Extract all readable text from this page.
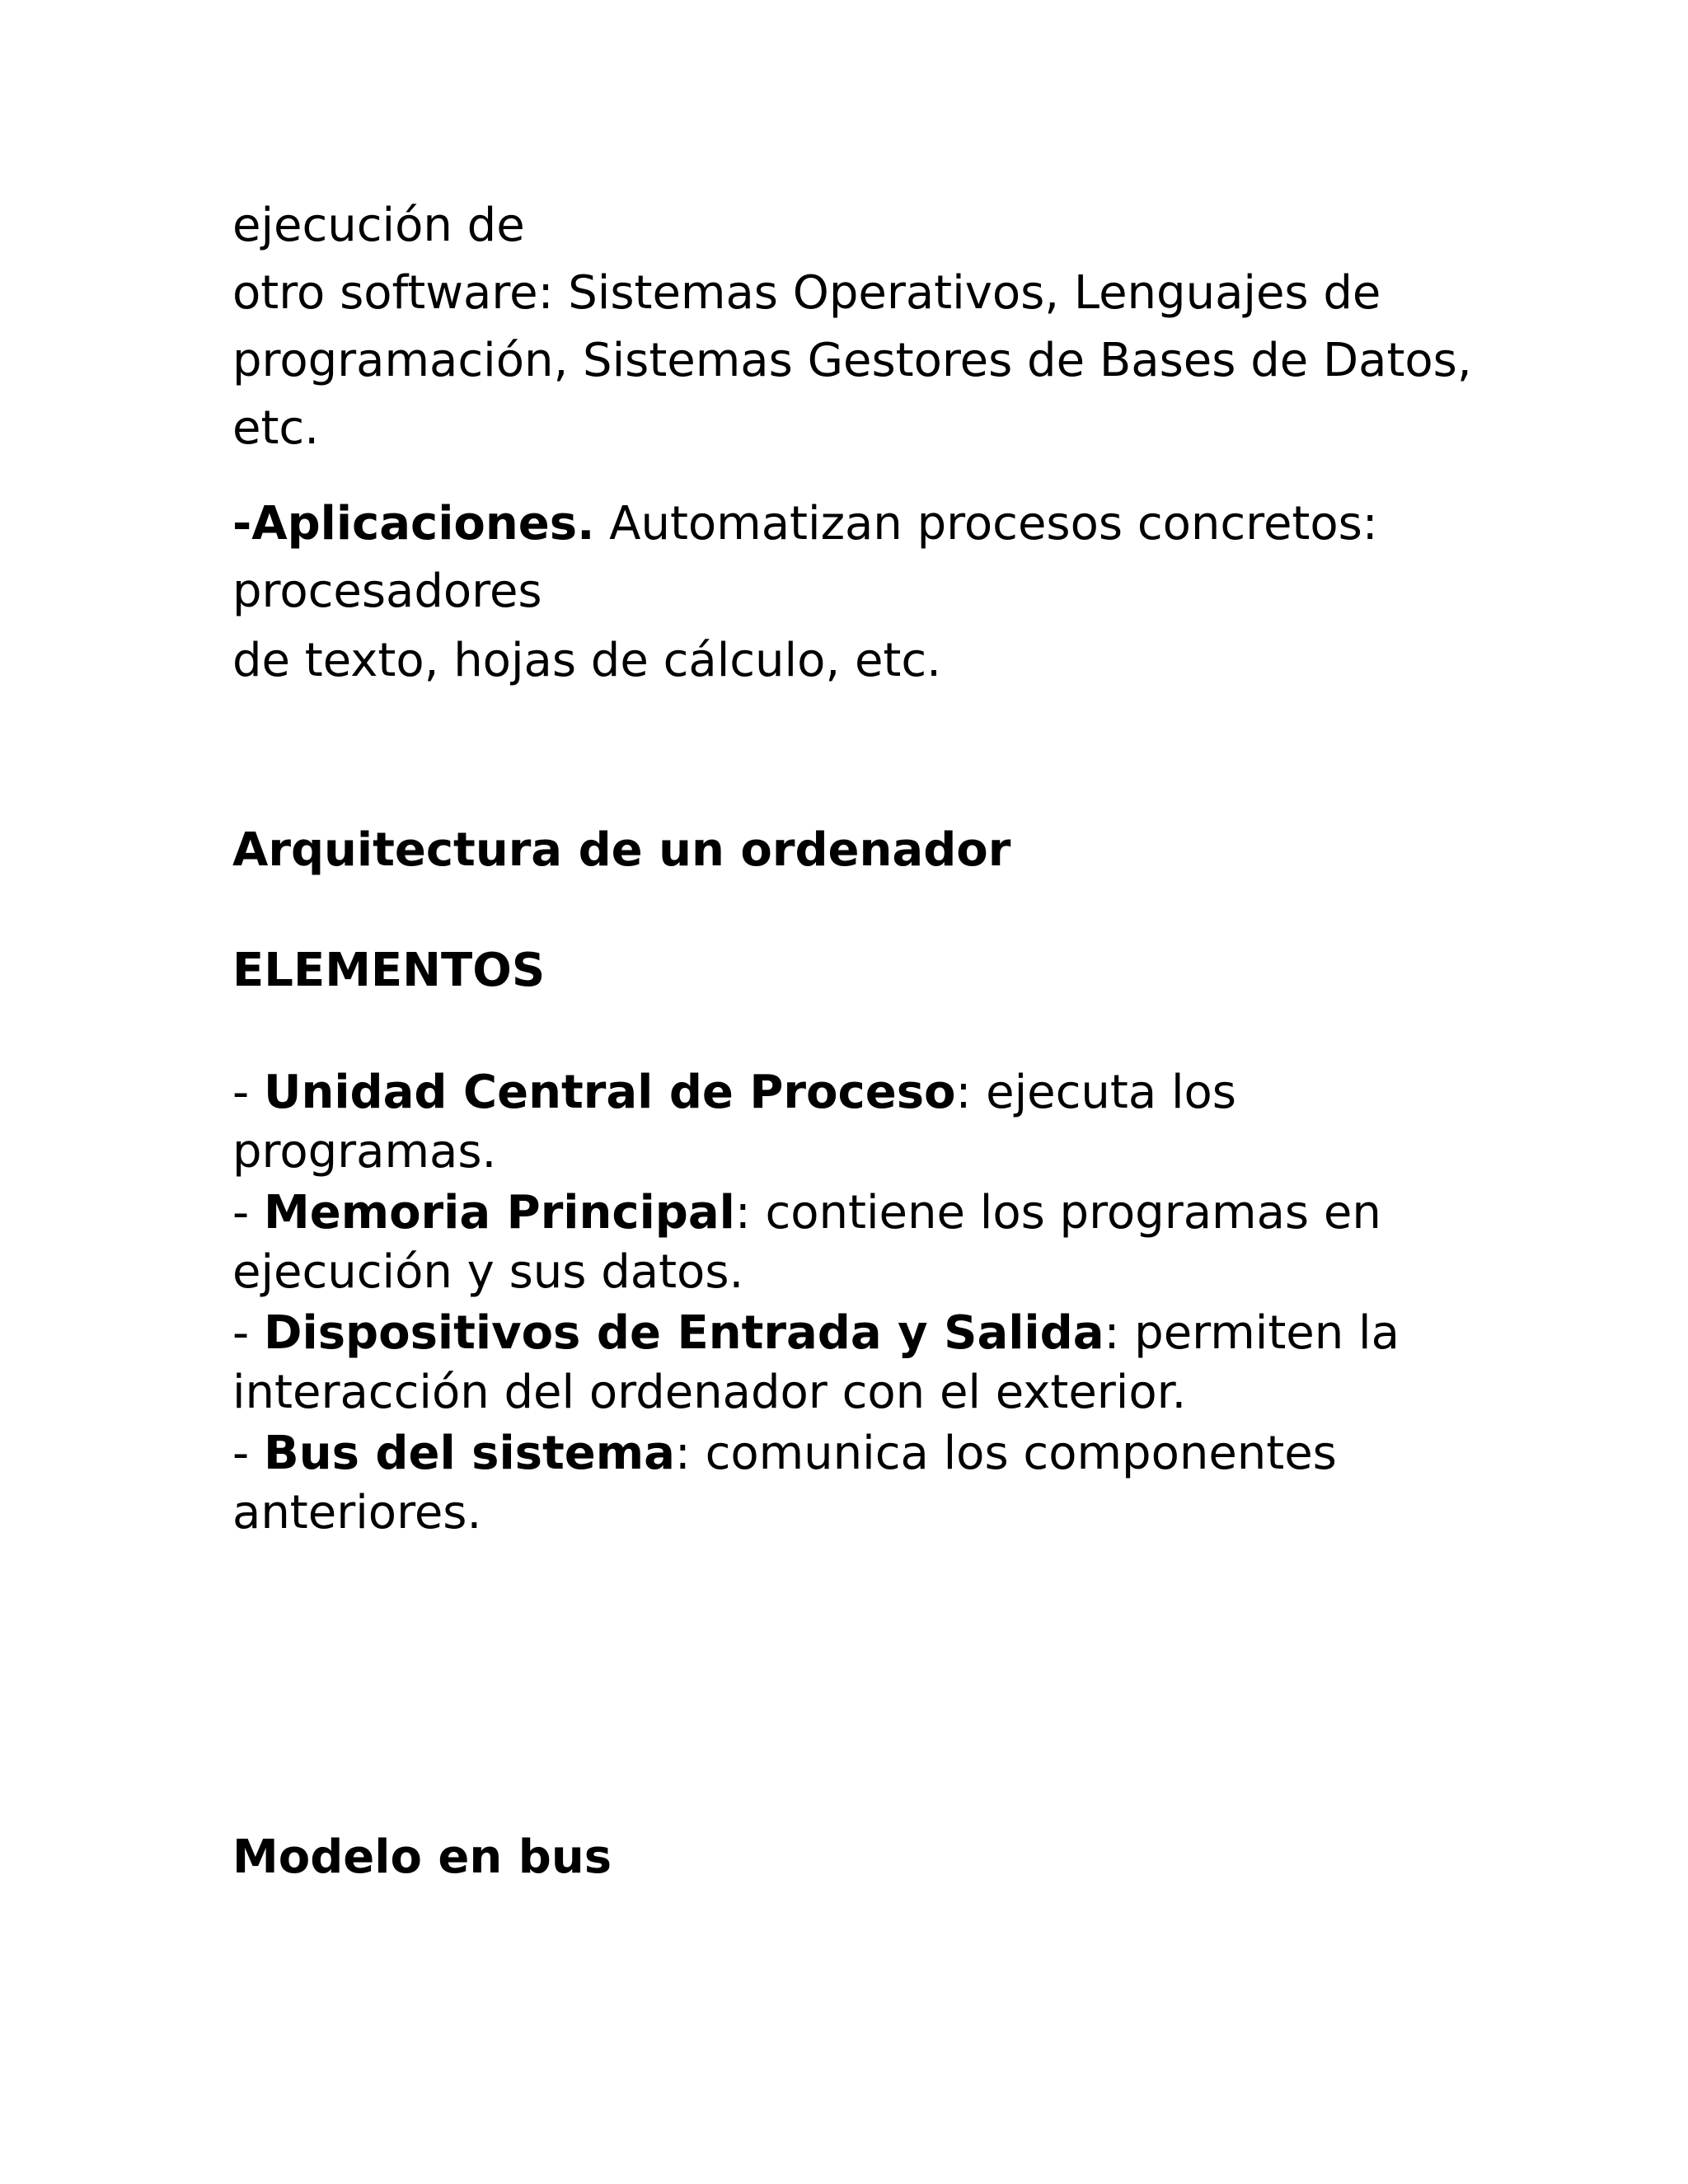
ejecución de
otro software: Sistemas Operativos, Lenguajes de
programación, Sistemas Gestores de Bases de Datos,
etc.
-Aplicaciones. Automatizan procesos concretos:
procesadores
de texto, hojas de cálculo, etc.
Arquitectura de un ordenador
ELEMENTOS
- Unidad Central de Proceso: ejecuta los
programas.
- Memoria Principal: contiene los programas en
ejecución y sus datos.
- Dispositivos de Entrada y Salida: permiten la
interacción del ordenador con el exterior.
- Bus del sistema: comunica los componentes
anteriores.
Modelo en bus
